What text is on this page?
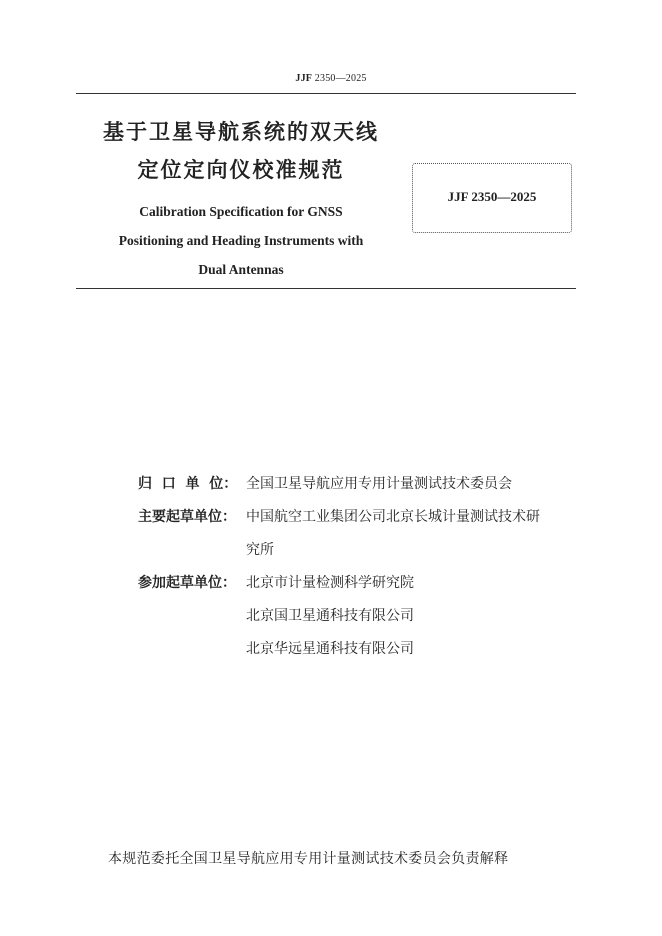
JJF 2350—2025

基于卫星导航系统的双天线

定位定向仪校准规范

Calibration Specification for GNSS

Positioning and Heading Instruments with

Dual Antennas

JJF 2350—2025
归  口  单  位： 全国卫星导航应用专用计量测试技术委员会
主要起草单位： 中国航空工业集团公司北京长城计量测试技术研
究所
参加起草单位： 北京市计量检测科学研究院
北京国卫星通科技有限公司
北京华远星通科技有限公司
本规范委托全国卫星导航应用专用计量测试技术委员会负责解释
